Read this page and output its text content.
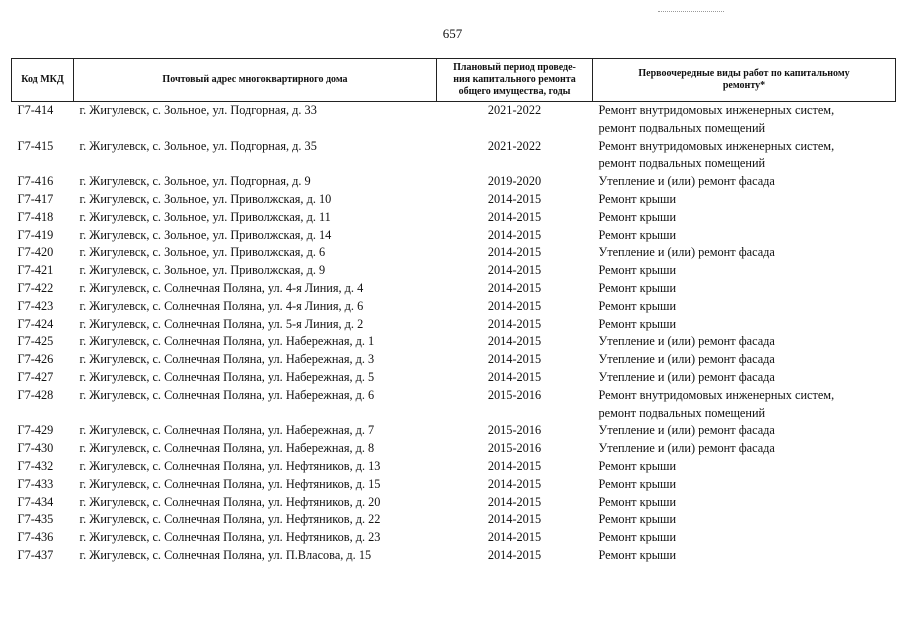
657
Код МКД	Почтовый адрес многоквартирного дома	Плановый период проведе-
ния капитального ремонта
общего имущества, годы	Первоочередные виды работ по капитальному
ремонту*

Г7-414	г. Жигулевск, с. Зольное, ул. Подгорная, д. 33	2021-2022	Ремонт внутридомовых инженерных систем,
ремонт подвальных помещений

Г7-415	г. Жигулевск, с. Зольное, ул. Подгорная, д. 35	2021-2022	Ремонт внутридомовых инженерных систем,
ремонт подвальных помещений

Г7-416	г. Жигулевск, с. Зольное, ул. Подгорная, д. 9	2019-2020	Утепление и (или) ремонт фасада

Г7-417	г. Жигулевск, с. Зольное, ул. Приволжская, д. 10	2014-2015	Ремонт крыши

Г7-418	г. Жигулевск, с. Зольное, ул. Приволжская, д. 11	2014-2015	Ремонт крыши

Г7-419	г. Жигулевск, с. Зольное, ул. Приволжская, д. 14	2014-2015	Ремонт крыши

Г7-420	г. Жигулевск, с. Зольное, ул. Приволжская, д. 6	2014-2015	Утепление и (или) ремонт фасада

Г7-421	г. Жигулевск, с. Зольное, ул. Приволжская, д. 9	2014-2015	Ремонт крыши

Г7-422	г. Жигулевск, с. Солнечная Поляна, ул. 4-я Линия, д. 4	2014-2015	Ремонт крыши

Г7-423	г. Жигулевск, с. Солнечная Поляна, ул. 4-я Линия, д. 6	2014-2015	Ремонт крыши

Г7-424	г. Жигулевск, с. Солнечная Поляна, ул. 5-я Линия, д. 2	2014-2015	Ремонт крыши

Г7-425	г. Жигулевск, с. Солнечная Поляна, ул. Набережная, д. 1	2014-2015	Утепление и (или) ремонт фасада

Г7-426	г. Жигулевск, с. Солнечная Поляна, ул. Набережная, д. 3	2014-2015	Утепление и (или) ремонт фасада

Г7-427	г. Жигулевск, с. Солнечная Поляна, ул. Набережная, д. 5	2014-2015	Утепление и (или) ремонт фасада

Г7-428	г. Жигулевск, с. Солнечная Поляна, ул. Набережная, д. 6	2015-2016	Ремонт внутридомовых инженерных систем,
ремонт подвальных помещений

Г7-429	г. Жигулевск, с. Солнечная Поляна, ул. Набережная, д. 7	2015-2016	Утепление и (или) ремонт фасада

Г7-430	г. Жигулевск, с. Солнечная Поляна, ул. Набережная, д. 8	2015-2016	Утепление и (или) ремонт фасада

Г7-432	г. Жигулевск, с. Солнечная Поляна, ул. Нефтяников, д. 13	2014-2015	Ремонт крыши

Г7-433	г. Жигулевск, с. Солнечная Поляна, ул. Нефтяников, д. 15	2014-2015	Ремонт крыши

Г7-434	г. Жигулевск, с. Солнечная Поляна, ул. Нефтяников, д. 20	2014-2015	Ремонт крыши

Г7-435	г. Жигулевск, с. Солнечная Поляна, ул. Нефтяников, д. 22	2014-2015	Ремонт крыши

Г7-436	г. Жигулевск, с. Солнечная Поляна, ул. Нефтяников, д. 23	2014-2015	Ремонт крыши

Г7-437	г. Жигулевск, с. Солнечная Поляна, ул. П.Власова, д. 15	2014-2015	Ремонт крыши
